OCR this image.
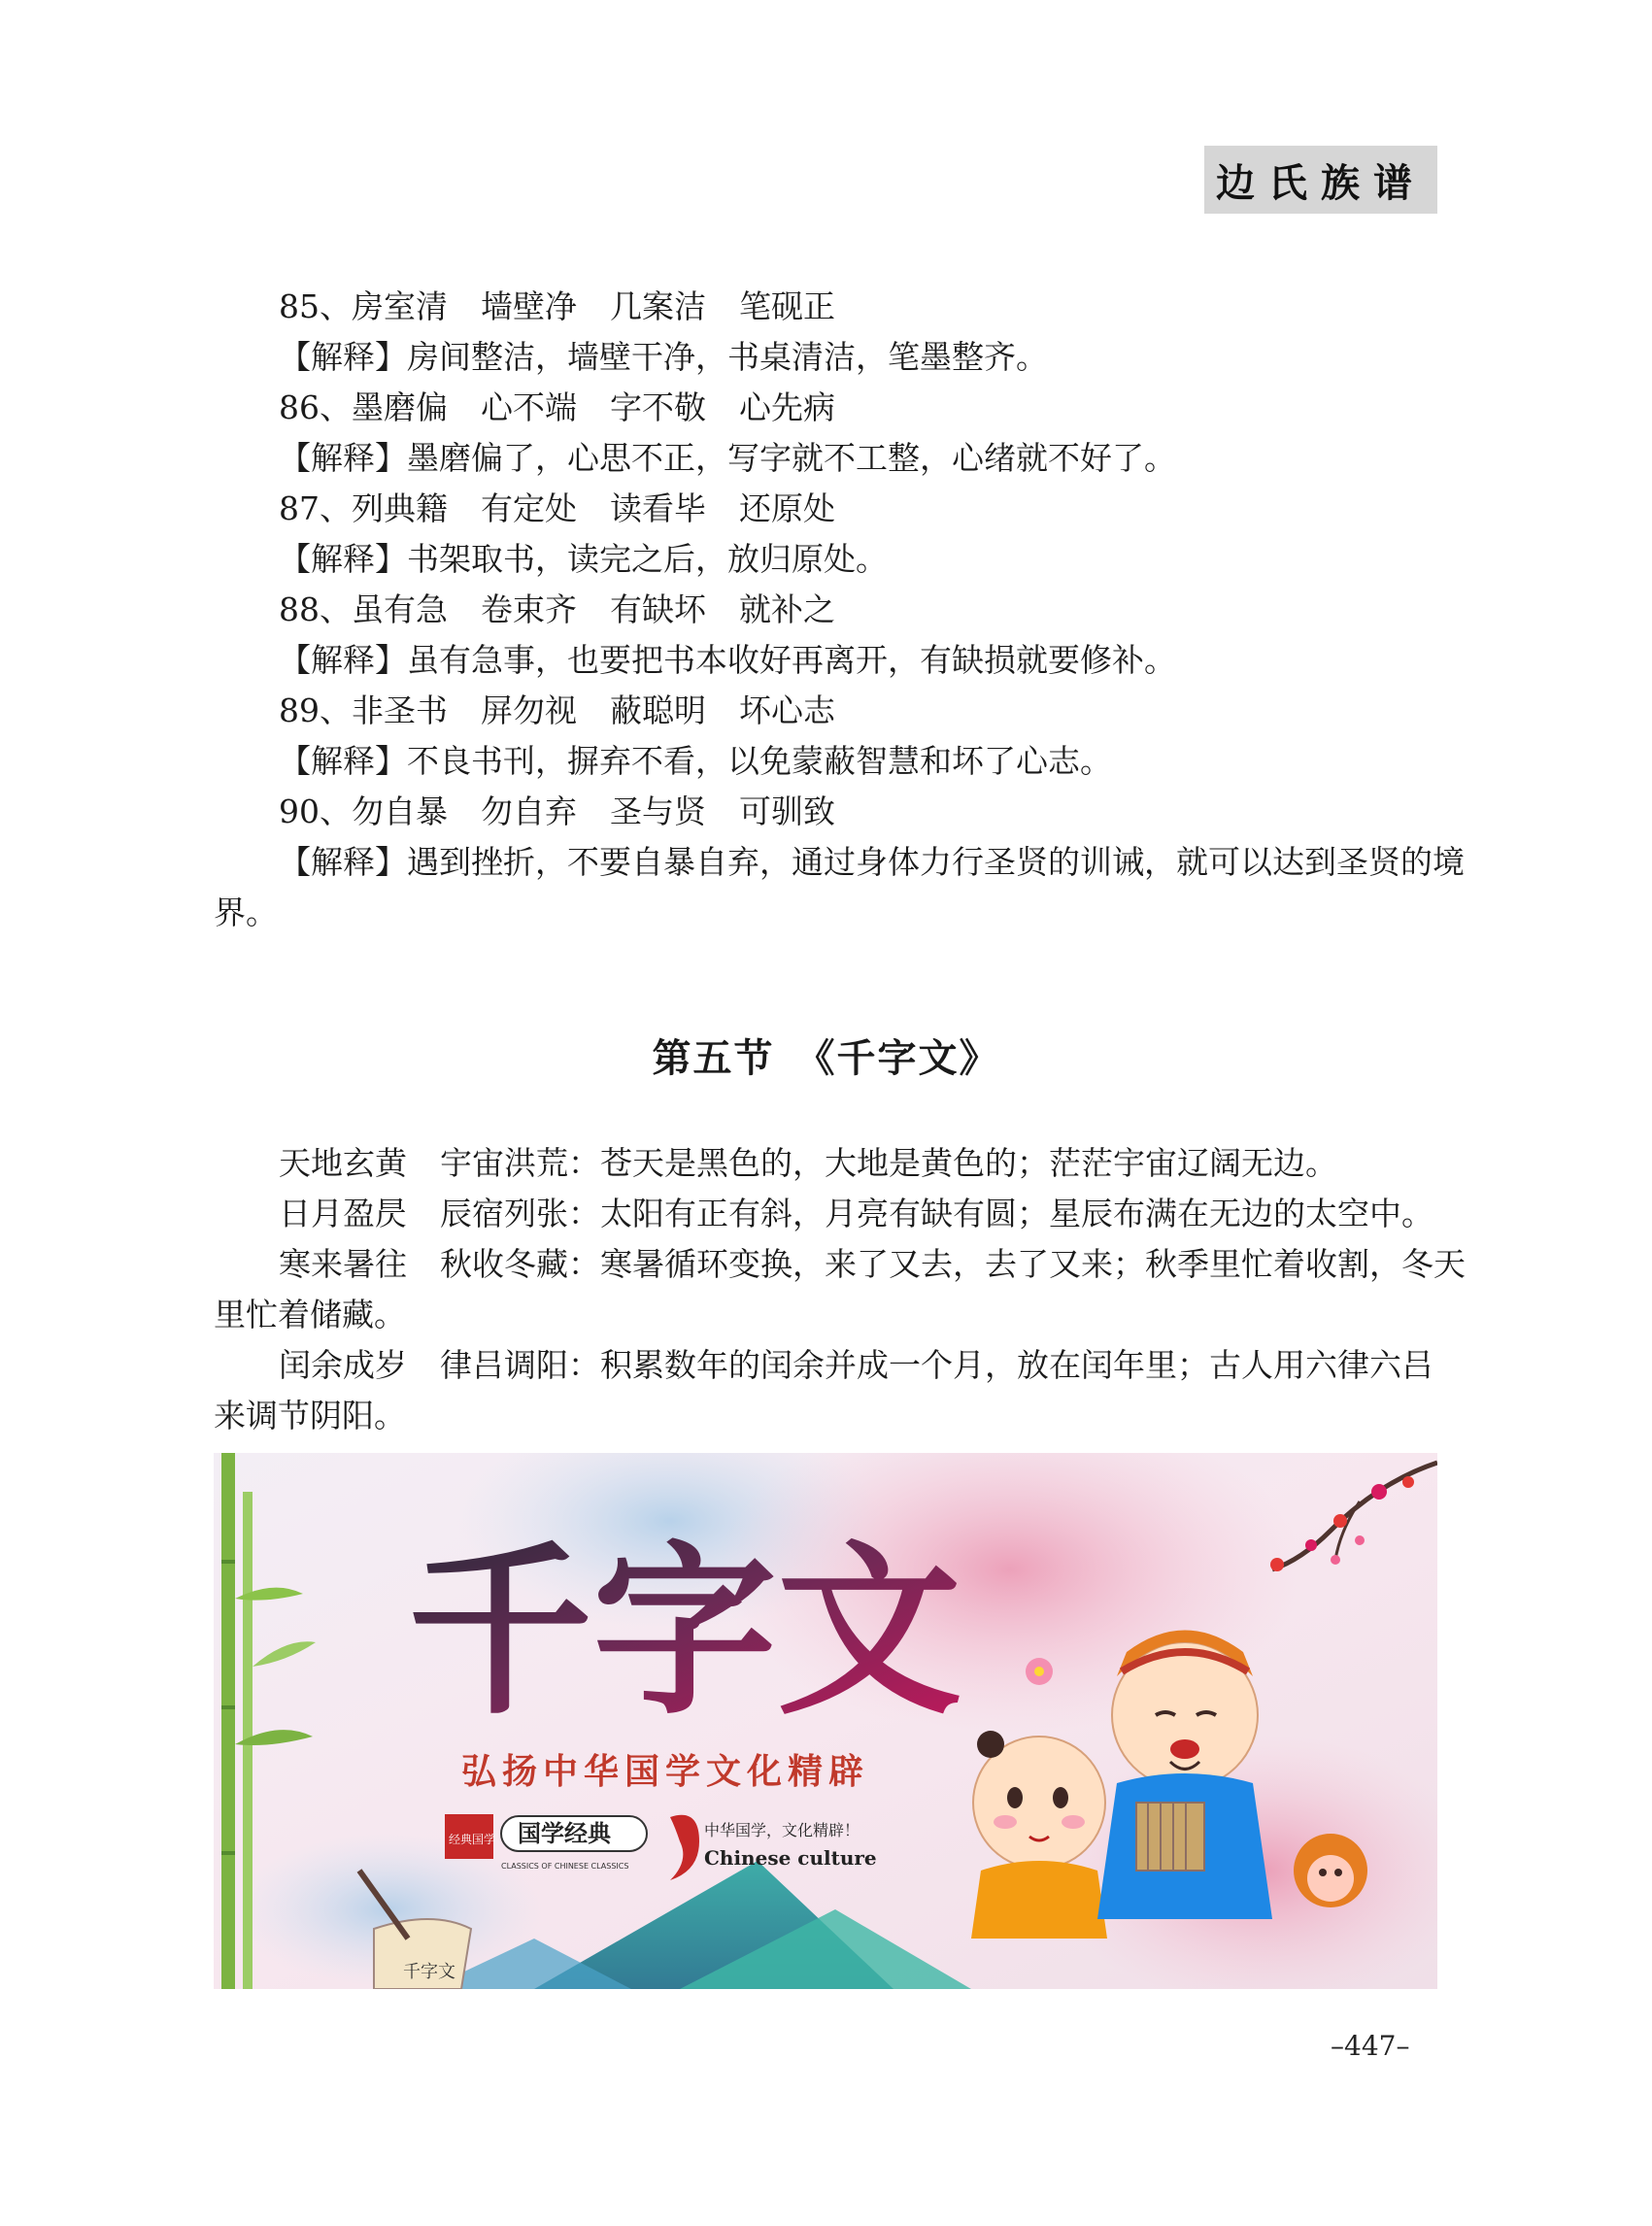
边氏族谱
85、房室清 墙壁净 几案洁 笔砚正
【解释】房间整洁，墙壁干净，书桌清洁，笔墨整齐。
86、墨磨偏 心不端 字不敬 心先病
【解释】墨磨偏了，心思不正，写字就不工整，心绪就不好了。
87、列典籍 有定处 读看毕 还原处
【解释】书架取书，读完之后，放归原处。
88、虽有急 卷束齐 有缺坏 就补之
【解释】虽有急事，也要把书本收好再离开，有缺损就要修补。
89、非圣书 屏勿视 蔽聪明 坏心志
【解释】不良书刊，摒弃不看，以免蒙蔽智慧和坏了心志。
90、勿自暴 勿自弃 圣与贤 可驯致
【解释】遇到挫折，不要自暴自弃，通过身体力行圣贤的训诫，就可以达到圣贤的境
界。
第五节　《千字文》
天地玄黄 宇宙洪荒：苍天是黑色的，大地是黄色的；茫茫宇宙辽阔无边。
日月盈昃 辰宿列张：太阳有正有斜，月亮有缺有圆；星辰布满在无边的太空中。
寒来暑往 秋收冬藏：寒暑循环变换，来了又去，去了又来；秋季里忙着收割，冬天
里忙着储藏。
闰余成岁 律吕调阳：积累数年的闰余并成一个月，放在闰年里；古人用六律六吕
来调节阴阳。
千字文
弘扬中华国学文化精辟
经典国学 国学经典
CLASSICS OF CHINESE CLASSICS
中华国学，文化精辟！
Chinese culture
千字文
–447–
